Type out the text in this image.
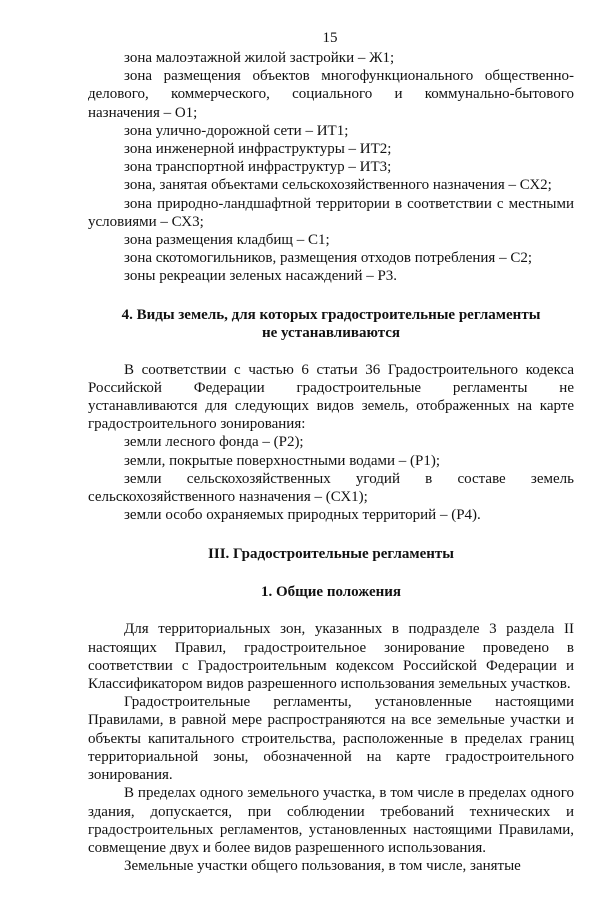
15

зона малоэтажной жилой застройки – Ж1;

зона размещения объектов многофункционального общественно-делового, коммерческого, социального и коммунально-бытового назначения – О1;

зона улично-дорожной сети – ИТ1;

зона инженерной инфраструктуры – ИТ2;

зона транспортной инфраструктур – ИТ3;

зона, занятая объектами сельскохозяйственного назначения – СХ2;

зона природно-ландшафтной территории в соответствии с местными условиями – СХ3;

зона размещения кладбищ – С1;

зона скотомогильников, размещения отходов потребления – С2;

зоны рекреации зеленых насаждений – Р3.

4. Виды земель, для которых градостроительные регламенты
не устанавливаются

В соответствии с частью 6 статьи 36 Градостроительного кодекса Российской Федерации градостроительные регламенты не устанавливаются для следующих видов земель, отображенных на карте градостроительного зонирования:

земли лесного фонда – (Р2);

земли, покрытые поверхностными водами – (Р1);

земли сельскохозяйственных угодий в составе земель сельскохозяйственного назначения – (СХ1);

земли особо охраняемых природных территорий – (Р4).

III. Градостроительные регламенты
1. Общие положения

Для территориальных зон, указанных в подразделе 3 раздела II настоящих Правил, градостроительное зонирование проведено в соответствии с Градостроительным кодексом Российской Федерации и Классификатором видов разрешенного использования земельных участков.

Градостроительные регламенты, установленные настоящими Правилами, в равной мере распространяются на все земельные участки и объекты капитального строительства, расположенные в пределах границ территориальной зоны, обозначенной на карте градостроительного зонирования.

В пределах одного земельного участка, в том числе в пределах одного здания, допускается, при соблюдении требований технических и градостроительных регламентов, установленных настоящими Правилами, совмещение двух и более видов разрешенного использования.

Земельные участки общего пользования, в том числе, занятые
